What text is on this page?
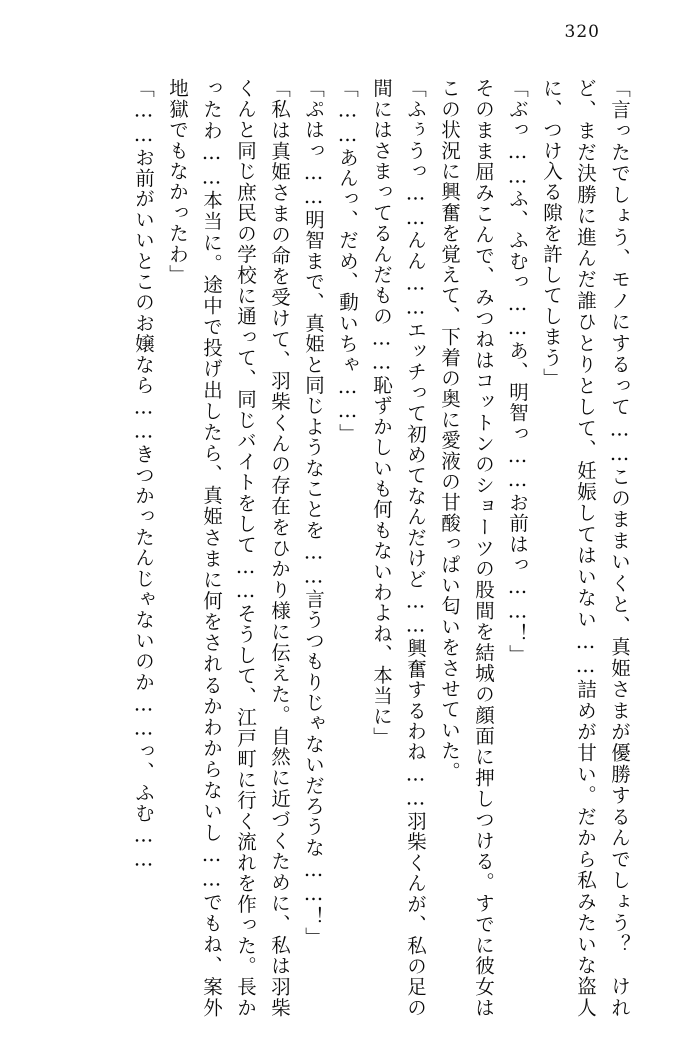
320

「言ったでしょう、モノにするって……このままいくと、真姫さまが優勝するんでしょう？　けれど、まだ決勝に進んだ誰ひとりとして、妊娠してはいない……詰めが甘い。だから私みたいな盗人に、つけ入る隙を許してしまう」

「ぶっ……ふ、ふむっ……あ、明智っ……お前はっ……！」

そのまま屈みこんで、みつねはコットンのショーツの股間を結城の顔面に押しつける。すでに彼女はこの状況に興奮を覚えて、下着の奥に愛液の甘酸っぱい匂いをさせていた。

「ふぅうっ……んん……エッチって初めてなんだけど……興奮するわね……羽柴くんが、私の足の間にはさまってるんだもの……恥ずかしいも何もないわよね、本当に」

「……あんっ、だめ、動いちゃ……」

「ぷはっ……明智まで、真姫と同じようなことを……言うつもりじゃないだろうな……！」

「私は真姫さまの命を受けて、羽柴くんの存在をひかり様に伝えた。自然に近づくために、私は羽柴くんと同じ庶民の学校に通って、同じバイトをして……そうして、江戸町に行く流れを作った。長かったわ……本当に。途中で投げ出したら、真姫さまに何をされるかわからないし……でもね、案外地獄でもなかったわ」

「……お前がいいとこのお嬢なら……きつかったんじゃないのか……っ、ふむ……
